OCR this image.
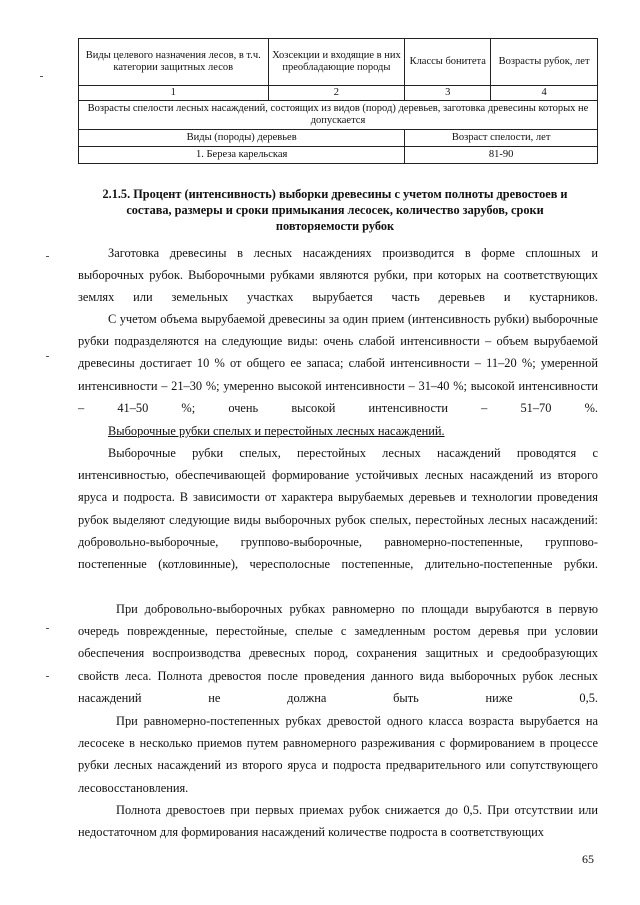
Виды целевого назначения лесов, в т.ч. категории защитных лесов	Хозсекции и входящие в них преобладающие породы	Классы бонитета	Возрасты рубок, лет
1	2	3	4
Возрасты спелости лесных насаждений, состоящих из видов (пород) деревьев, заготовка древесины которых не допускается			
Виды (породы) деревьев		Возраст спелости, лет	
1. Береза карельская		81-90	
2.1.5. Процент (интенсивность) выборки древесины с учетом полноты древостоев и состава, размеры и сроки примыкания лесосек, количество зарубов, сроки повторяемости рубок
Заготовка древесины в лесных насаждениях производится в форме сплошных и выборочных рубок. Выборочными рубками являются рубки, при которых на соответствующих землях или земельных участках вырубается часть деревьев и кустарников.
С учетом объема вырубаемой древесины за один прием (интенсивность рубки) выборочные рубки подразделяются на следующие виды: очень слабой интенсивности – объем вырубаемой древесины достигает 10 % от общего ее запаса; слабой интенсивности – 11–20 %; умеренной интенсивности – 21–30 %; умеренно высокой интенсивности – 31–40 %; высокой интенсивности – 41–50 %; очень высокой интенсивности – 51–70 %.
Выборочные рубки спелых и перестойных лесных насаждений.
Выборочные рубки спелых, перестойных лесных насаждений проводятся с интенсивностью, обеспечивающей формирование устойчивых лесных насаждений из второго яруса и подроста. В зависимости от характера вырубаемых деревьев и технологии проведения рубок выделяют следующие виды выборочных рубок спелых, перестойных лесных насаждений: добровольно-выборочные, группово-выборочные, равномерно-постепенные, группово-постепенные (котловинные), чересполосные постепенные, длительно-постепенные рубки.
При добровольно-выборочных рубках равномерно по площади вырубаются в первую очередь поврежденные, перестойные, спелые с замедленным ростом деревья при условии обеспечения воспроизводства древесных пород, сохранения защитных и средообразующих свойств леса. Полнота древостоя после проведения данного вида выборочных рубок лесных насаждений не должна быть ниже 0,5.
При равномерно-постепенных рубках древостой одного класса возраста вырубается на лесосеке в несколько приемов путем равномерного разреживания с формированием в процессе рубки лесных насаждений из второго яруса и подроста предварительного или сопутствующего лесовосстановления.
Полнота древостоев при первых приемах рубок снижается до 0,5. При отсутствии или недостаточном для формирования насаждений количестве подроста в соответствующих
65
